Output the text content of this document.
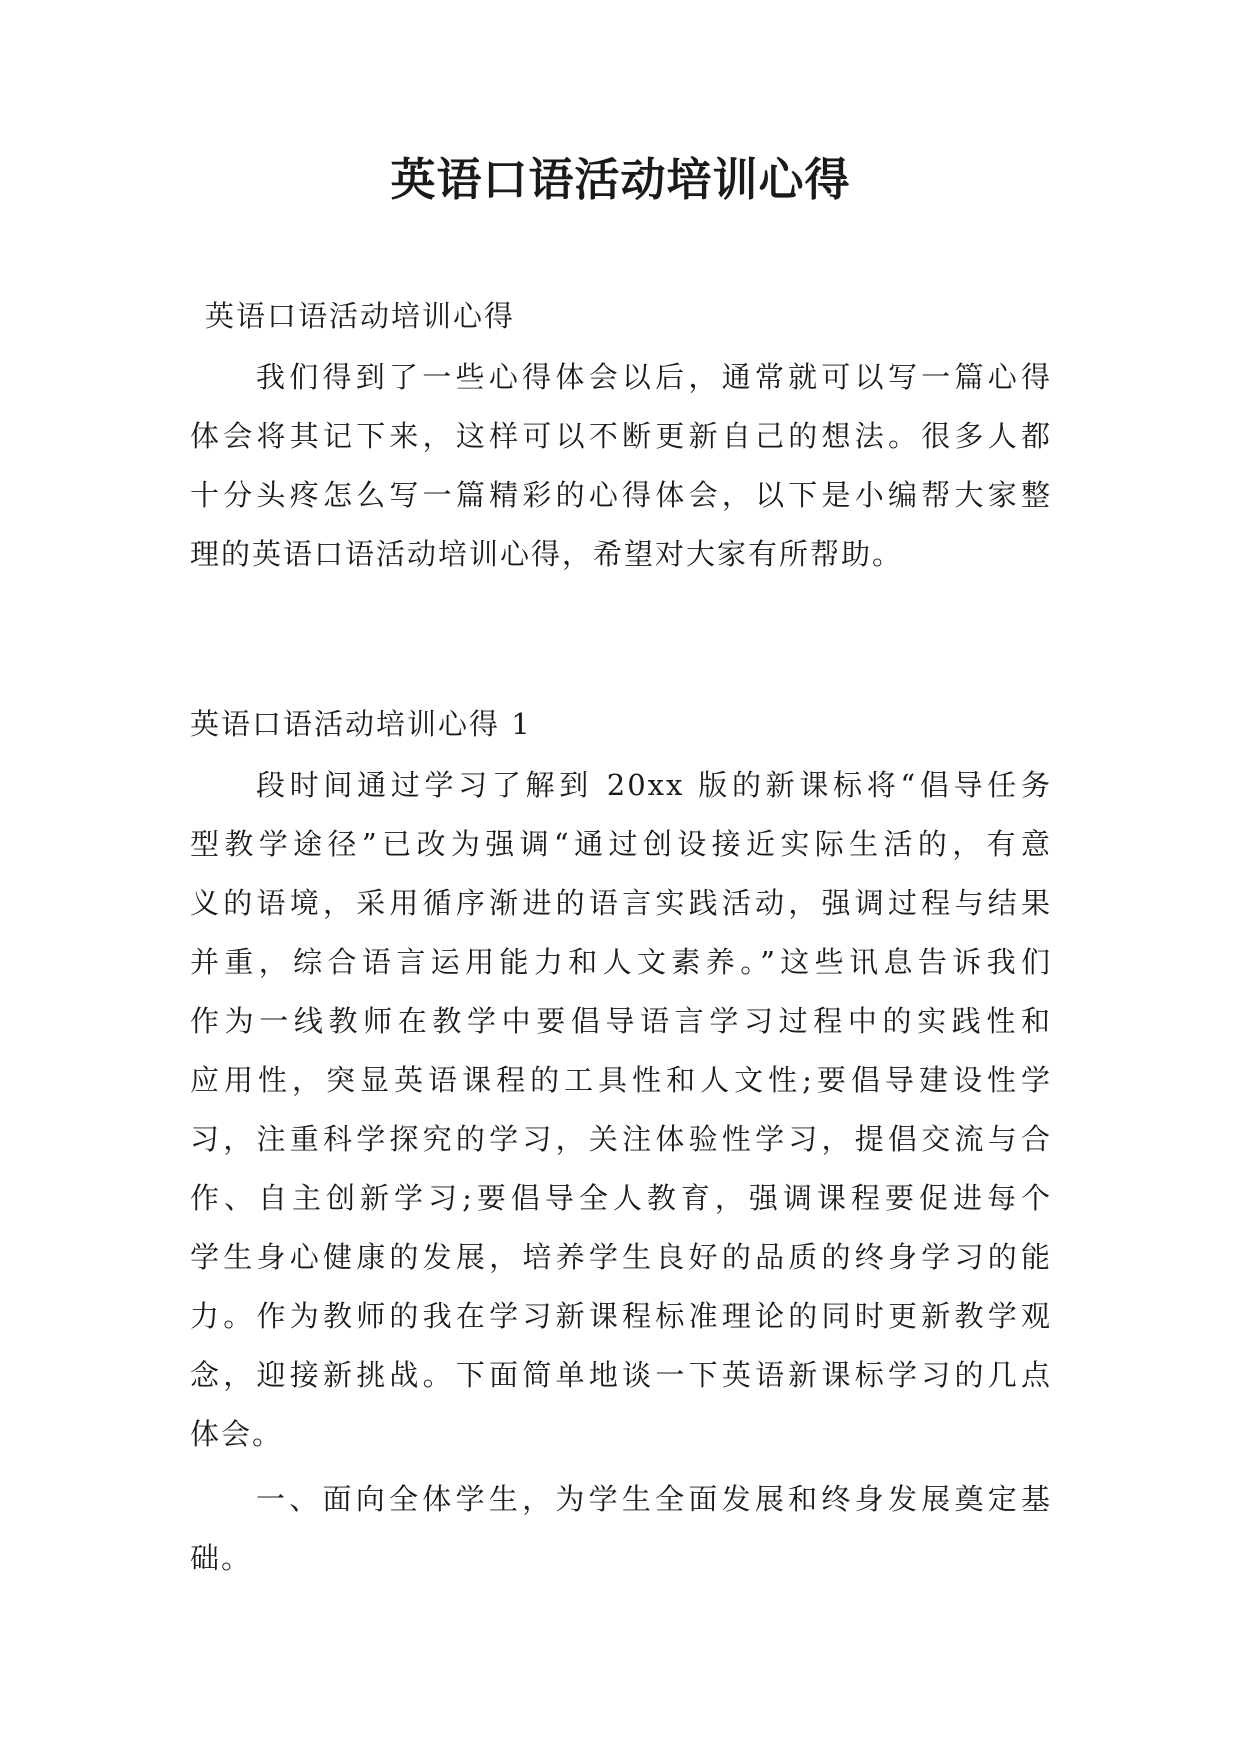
英语口语活动培训心得
英语口语活动培训心得
我们得到了一些心得体会以后，通常就可以写一篇心得
体会将其记下来，这样可以不断更新自己的想法。很多人都
十分头疼怎么写一篇精彩的心得体会，以下是小编帮大家整
理的英语口语活动培训心得，希望对大家有所帮助。
英语口语活动培训心得 1
段时间通过学习了解到 20xx 版的新课标将“倡导任务
型教学途径”已改为强调“通过创设接近实际生活的，有意
义的语境，采用循序渐进的语言实践活动，强调过程与结果
并重，综合语言运用能力和人文素养。”这些讯息告诉我们
作为一线教师在教学中要倡导语言学习过程中的实践性和
应用性，突显英语课程的工具性和人文性;要倡导建设性学
习，注重科学探究的学习，关注体验性学习，提倡交流与合
作、自主创新学习;要倡导全人教育，强调课程要促进每个
学生身心健康的发展，培养学生良好的品质的终身学习的能
力。作为教师的我在学习新课程标准理论的同时更新教学观
念，迎接新挑战。下面简单地谈一下英语新课标学习的几点
体会。
一、面向全体学生，为学生全面发展和终身发展奠定基
础。
